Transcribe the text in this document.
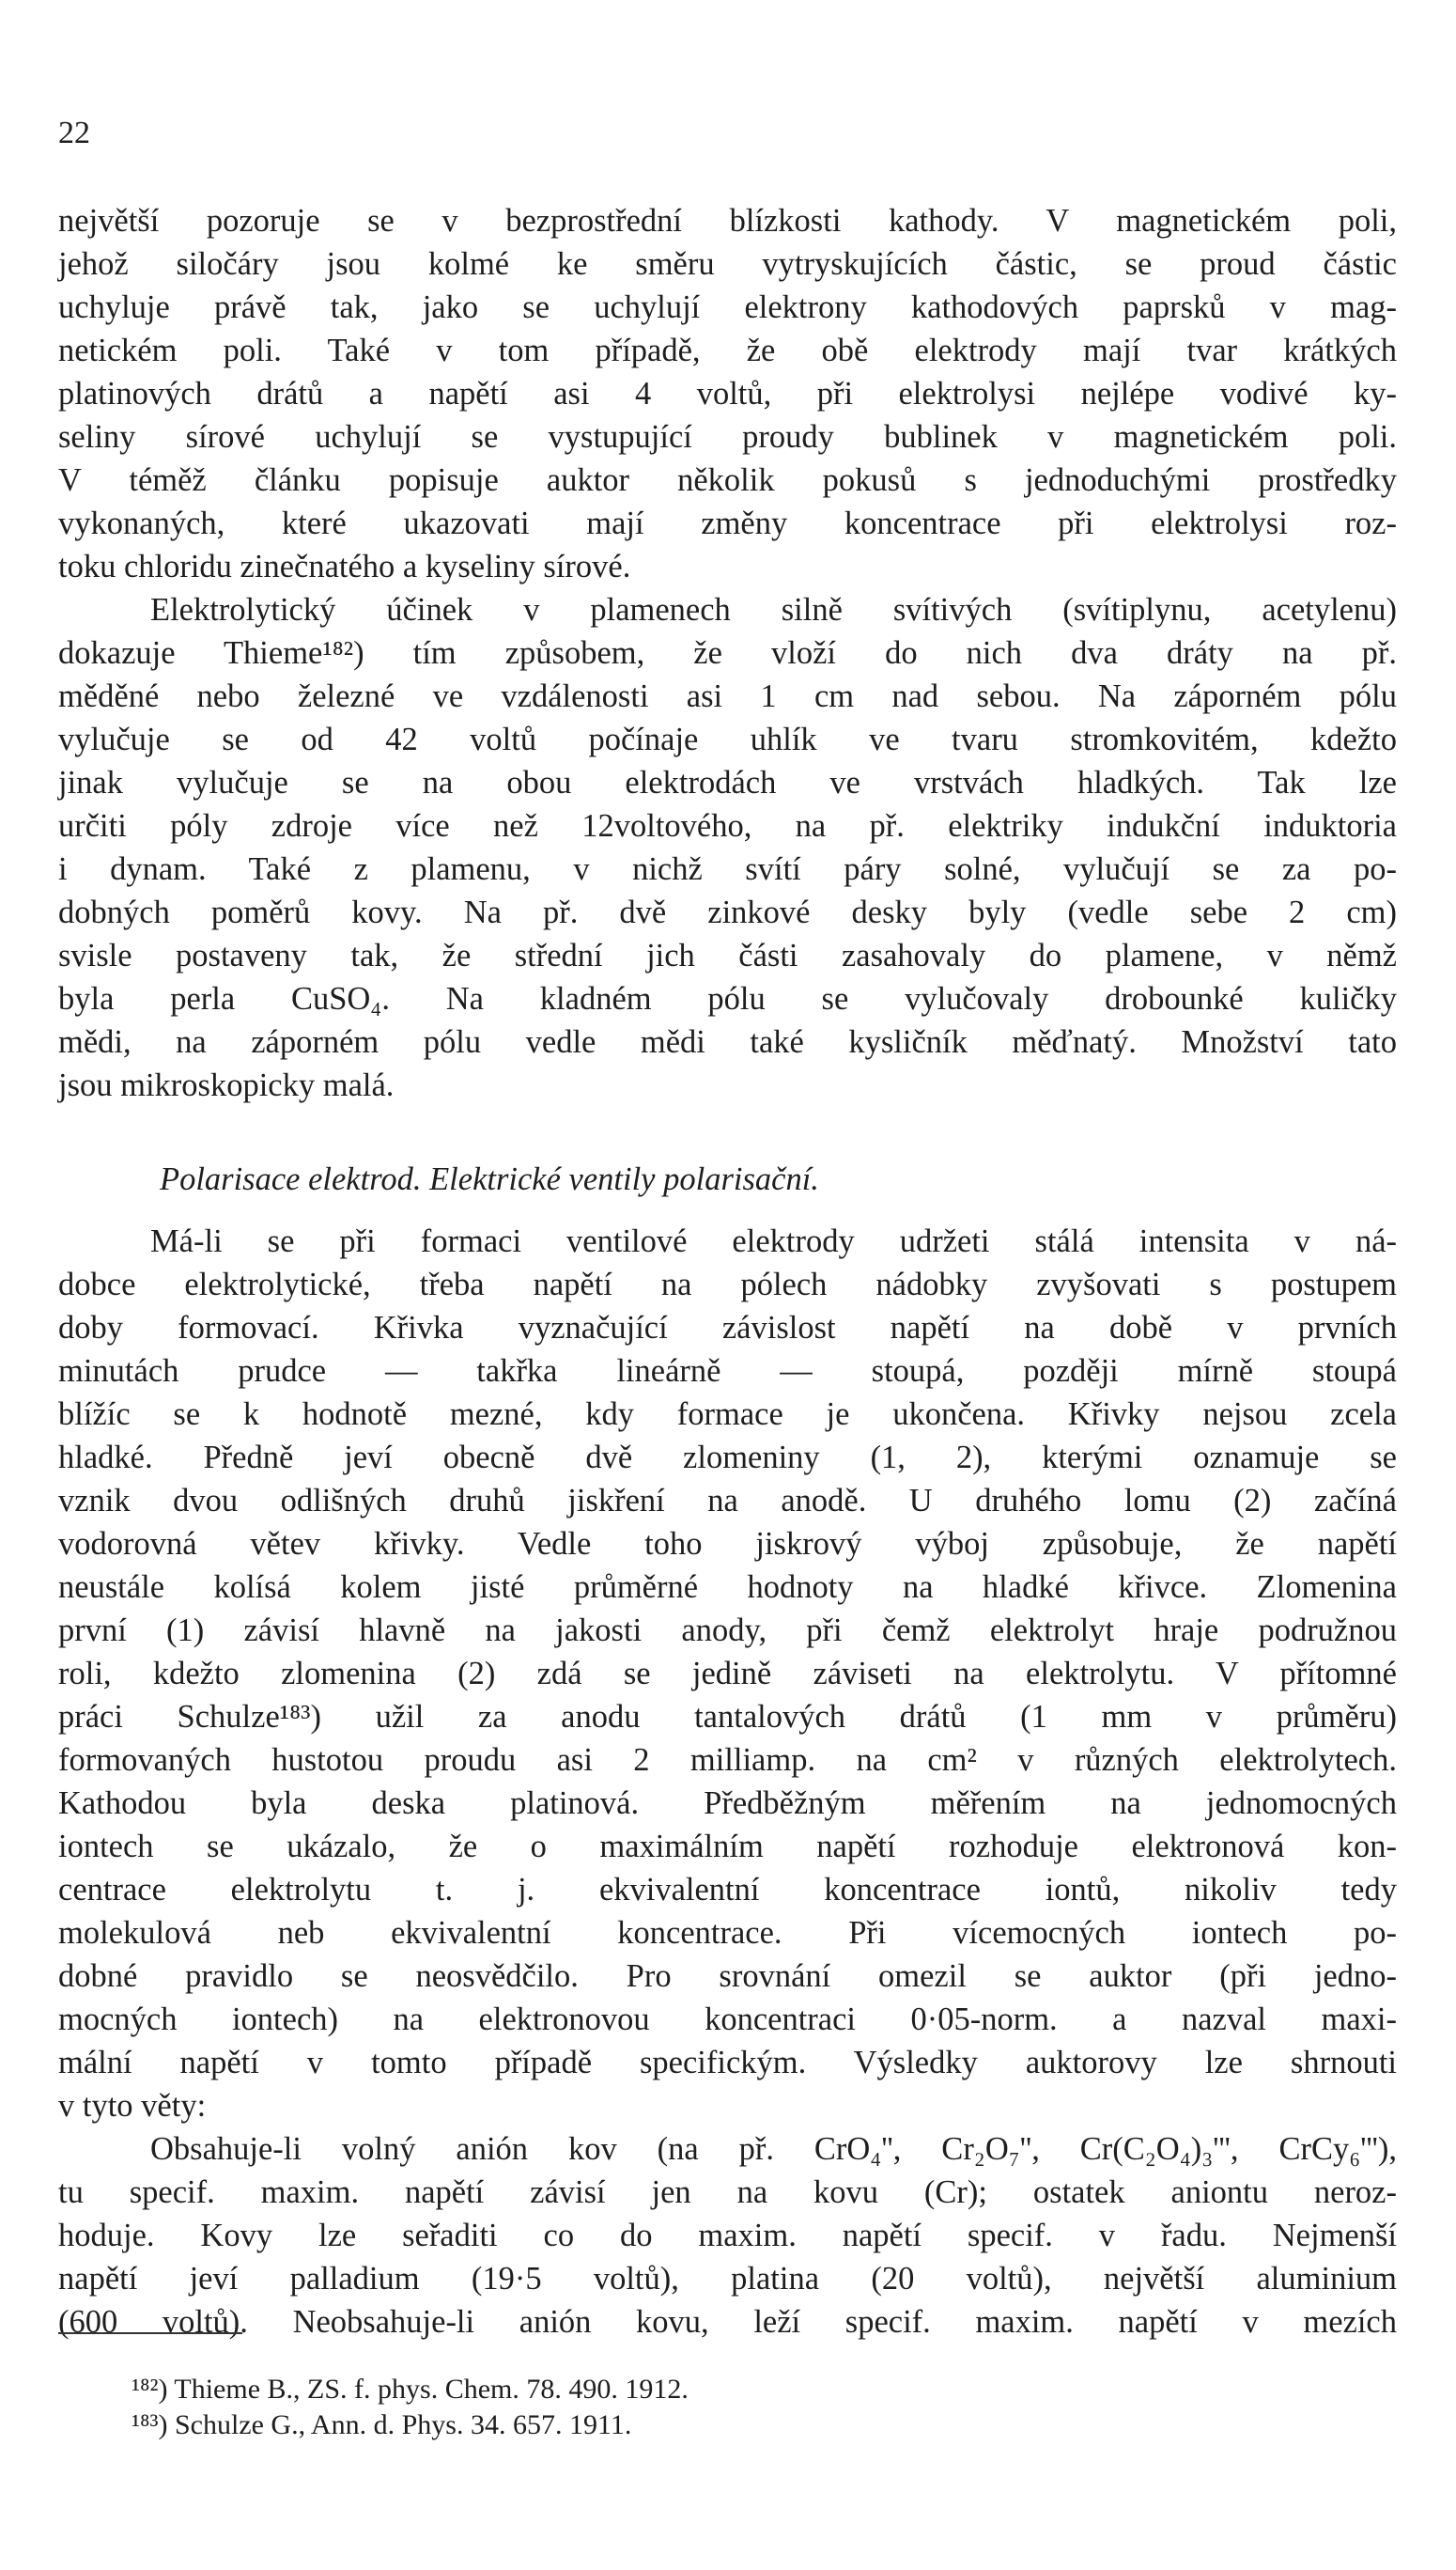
22
největší pozoruje se v bezprostřední blízkosti kathody. V magnetickém poli,
jehož siločáry jsou kolmé ke směru vytryskujících částic, se proud částic
uchyluje právě tak, jako se uchylují elektrony kathodových paprsků v mag-
netickém poli. Také v tom případě, že obě elektrody mají tvar krátkých
platinových drátů a napětí asi 4 voltů, při elektrolysi nejlépe vodivé ky-
seliny sírové uchylují se vystupující proudy bublinek v magnetickém poli.
V téměž článku popisuje auktor několik pokusů s jednoduchými prostředky
vykonaných, které ukazovati mají změny koncentrace při elektrolysi roz-
toku chloridu zinečnatého a kyseliny sírové.
Elektrolytický účinek v plamenech silně svítivých (svítiplynu, acetylenu)
dokazuje Thieme¹⁸²) tím způsobem, že vloží do nich dva dráty na př.
měděné nebo železné ve vzdálenosti asi 1 cm nad sebou. Na záporném pólu
vylučuje se od 42 voltů počínaje uhlík ve tvaru stromkovitém, kdežto
jinak vylučuje se na obou elektrodách ve vrstvách hladkých. Tak lze
určiti póly zdroje více než 12voltového, na př. elektriky indukční induktoria
i dynam. Také z plamenu, v nichž svítí páry solné, vylučují se za po-
dobných poměrů kovy. Na př. dvě zinkové desky byly (vedle sebe 2 cm)
svisle postaveny tak, že střední jich části zasahovaly do plamene, v němž
byla perla CuSO₄. Na kladném pólu se vylučovaly drobounké kuličky
mědi, na záporném pólu vedle mědi také kysličník měďnatý. Množství tato
jsou mikroskopicky malá.
Polarisace elektrod. Elektrické ventily polarisační.
Má-li se při formaci ventilové elektrody udržeti stálá intensita v ná-
dobce elektrolytické, třeba napětí na pólech nádobky zvyšovati s postupem
doby formovací. Křivka vyznačující závislost napětí na době v prvních
minutách prudce — takřka lineárně — stoupá, později mírně stoupá
blížíc se k hodnotě mezné, kdy formace je ukončena. Křivky nejsou zcela
hladké. Předně jeví obecně dvě zlomeniny (1, 2), kterými oznamuje se
vznik dvou odlišných druhů jiskření na anodě. U druhého lomu (2) začíná
vodorovná větev křivky. Vedle toho jiskrový výboj způsobuje, že napětí
neustále kolísá kolem jisté průměrné hodnoty na hladké křivce. Zlomenina
první (1) závisí hlavně na jakosti anody, při čemž elektrolyt hraje podružnou
roli, kdežto zlomenina (2) zdá se jedině záviseti na elektrolytu. V přítomné
práci Schulze¹⁸³) užil za anodu tantalových drátů (1 mm v průměru)
formovaných hustotou proudu asi 2 milliamp. na cm² v různých elektrolytech.
Kathodou byla deska platinová. Předběžným měřením na jednomocných
iontech se ukázalo, že o maximálním napětí rozhoduje elektronová kon-
centrace elektrolytu t. j. ekvivalentní koncentrace iontů, nikoliv tedy
molekulová neb ekvivalentní koncentrace. Při vícemocných iontech po-
dobné pravidlo se neosvědčilo. Pro srovnání omezil se auktor (při jedno-
mocných iontech) na elektronovou koncentraci 0·05-norm. a nazval maxi-
mální napětí v tomto případě specifickým. Výsledky auktorovy lze shrnouti
v tyto věty:
Obsahuje-li volný anión kov (na př. CrO₄'', Cr₂O₇'', Cr(C₂O₄)₃''', CrCy₆'''),
tu specif. maxim. napětí závisí jen na kovu (Cr); ostatek aniontu neroz-
hoduje. Kovy lze seřaditi co do maxim. napětí specif. v řadu. Nejmenší
napětí jeví palladium (19·5 voltů), platina (20 voltů), největší aluminium
(600 voltů). Neobsahuje-li anión kovu, leží specif. maxim. napětí v mezích
¹⁸²) Thieme B., ZS. f. phys. Chem. 78. 490. 1912.
¹⁸³) Schulze G., Ann. d. Phys. 34. 657. 1911.
